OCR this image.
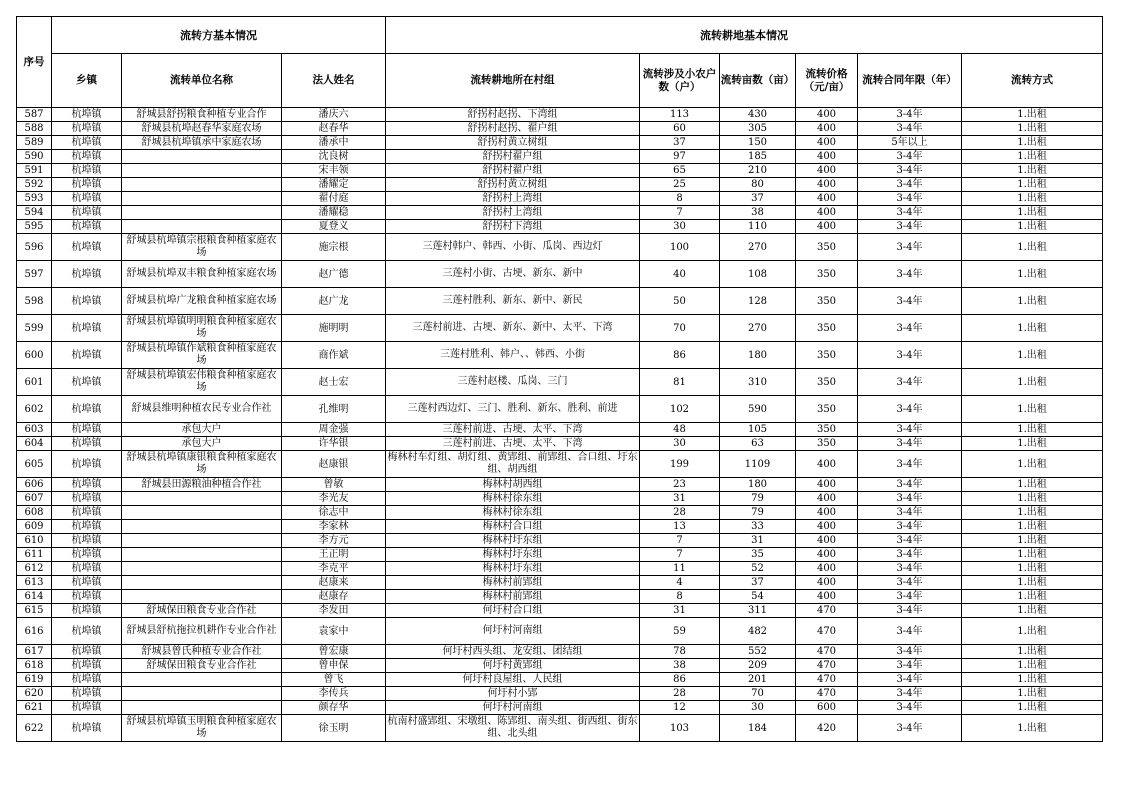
序号	流转方基本情况			流转耕地基本情况					
	乡镇	流转单位名称	法人姓名	流转耕地所在村组	流转涉及小农户数（户）	流转亩数（亩）	流转价格（元/亩）	流转合同年限（年）	流转方式
587	杭埠镇	舒城县舒拐粮食种植专业合作	潘庆六	舒拐村赵拐、下湾组	113	430	400	3-4年	1.出租
588	杭埠镇	舒城县杭埠赵春华家庭农场	赵春华	舒拐村赵拐、翟户组	60	305	400	3-4年	1.出租
589	杭埠镇	舒城县杭埠镇承中家庭农场	潘承中	舒拐村黄立树组	37	150	400	5年以上	1.出租
590	杭埠镇		沈良树	舒拐村翟户组	97	185	400	3-4年	1.出租
591	杭埠镇		宋丰领	舒拐村翟户组	65	210	400	3-4年	1.出租
592	杭埠镇		潘耀定	舒拐村黄立树组	25	80	400	3-4年	1.出租
593	杭埠镇		翟付庭	舒拐村上湾组	8	37	400	3-4年	1.出租
594	杭埠镇		潘耀稳	舒拐村上湾组	7	38	400	3-4年	1.出租
595	杭埠镇		夏登义	舒拐村下湾组	30	110	400	3-4年	1.出租
596	杭埠镇	舒城县杭埠镇宗根粮食种植家庭农场	施宗根	三莲村韩户、韩西、小街、瓜岗、西边灯	100	270	350	3-4年	1.出租
597	杭埠镇	舒城县杭埠双丰粮食种植家庭农场	赵广德	三莲村小街、古埂、新东、新中	40	108	350	3-4年	1.出租
598	杭埠镇	舒城县杭埠广龙粮食种植家庭农场	赵广龙	三莲村胜利、新东、新中、新民	50	128	350	3-4年	1.出租
599	杭埠镇	舒城县杭埠镇明明粮食种植家庭农场	施明明	三莲村前进、古埂、新东、新中、太平、下湾	70	270	350	3-4年	1.出租
600	杭埠镇	舒城县杭埠镇作斌粮食种植家庭农场	商作斌	三莲村胜利、韩户、、韩西、小街	86	180	350	3-4年	1.出租
601	杭埠镇	舒城县杭埠镇宏伟粮食种植家庭农场	赵士宏	三莲村赵楼、瓜岗、三门	81	310	350	3-4年	1.出租
602	杭埠镇	舒城县维明种植农民专业合作社	孔维明	三莲村西边灯、三门、胜利、新东、胜利、前进	102	590	350	3-4年	1.出租
603	杭埠镇	承包大户	周金强	三莲村前进、古埂、太平、下湾	48	105	350	3-4年	1.出租
604	杭埠镇	承包大户	许华银	三莲村前进、古埂、太平、下湾	30	63	350	3-4年	1.出租
605	杭埠镇	舒城县杭埠镇康银粮食种植家庭农场	赵康银	梅林村车灯组、胡灯组、黄郢组、前郢组、合口组、圩东组、胡西组	199	1109	400	3-4年	1.出租
606	杭埠镇	舒城县田源粮油种植合作社	曾敏	梅林村胡西组	23	180	400	3-4年	1.出租
607	杭埠镇		李光友	梅林村徐东组	31	79	400	3-4年	1.出租
608	杭埠镇		徐志中	梅林村徐东组	28	79	400	3-4年	1.出租
609	杭埠镇		李家林	梅林村合口组	13	33	400	3-4年	1.出租
610	杭埠镇		李方元	梅林村圩东组	7	31	400	3-4年	1.出租
611	杭埠镇		王正明	梅林村圩东组	7	35	400	3-4年	1.出租
612	杭埠镇		李克平	梅林村圩东组	11	52	400	3-4年	1.出租
613	杭埠镇		赵康来	梅林村前郢组	4	37	400	3-4年	1.出租
614	杭埠镇		赵康存	梅林村前郢组	8	54	400	3-4年	1.出租
615	杭埠镇	舒城保田粮食专业合作社	李发田	何圩村合口组	31	311	470	3-4年	1.出租
616	杭埠镇	舒城县舒杭拖拉机耕作专业合作社	袁家中	何圩村河南组	59	482	470	3-4年	1.出租
617	杭埠镇	舒城县曾氏种植专业合作社	曾宏康	何圩村西头组、龙安组、团结组	78	552	470	3-4年	1.出租
618	杭埠镇	舒城保田粮食专业合作社	曾申保	何圩村黄郢组	38	209	470	3-4年	1.出租
619	杭埠镇		曾飞	何圩村良屋组、人民组	86	201	470	3-4年	1.出租
620	杭埠镇		李传兵	何圩村小郢	28	70	470	3-4年	1.出租
621	杭埠镇		颜存华	何圩村河南组	12	30	600	3-4年	1.出租
622	杭埠镇	舒城县杭埠镇玉明粮食种植家庭农场	徐玉明	杭南村盛郢组、宋墩组、陈郢组、南头组、街西组、街东组、北头组	103	184	420	3-4年	1.出租
